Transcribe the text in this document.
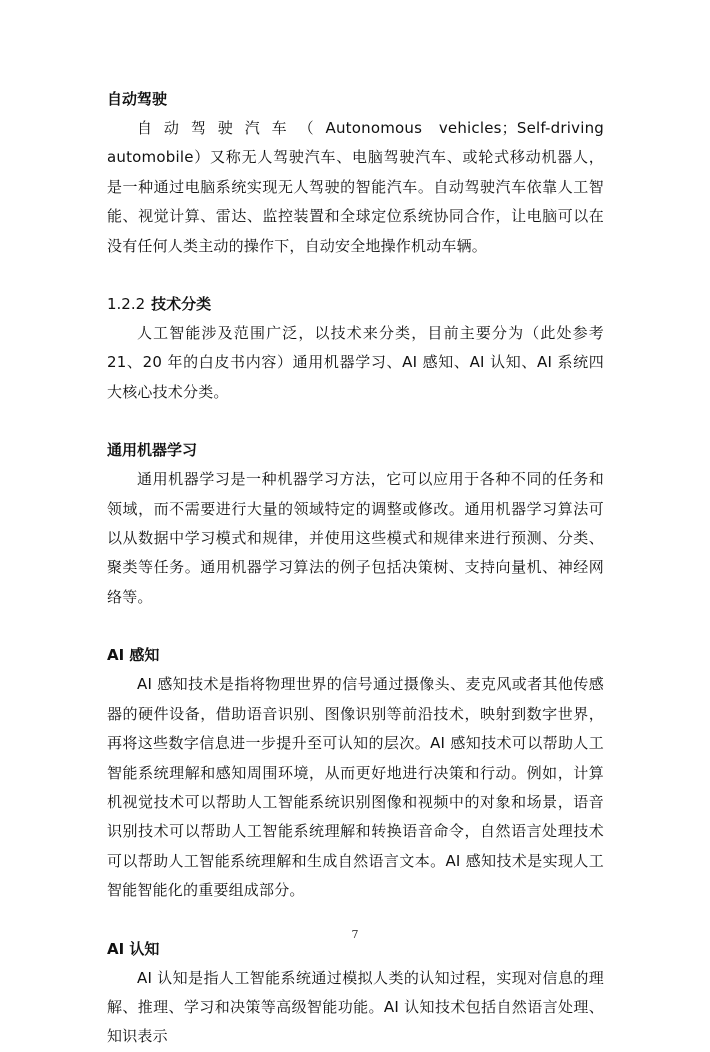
自动驾驶

自动驾驶汽车（Autonomous vehicles；Self-driving automobile）又称无人驾驶汽车、电脑驾驶汽车、或轮式移动机器人，是一种通过电脑系统实现无人驾驶的智能汽车。自动驾驶汽车依靠人工智能、视觉计算、雷达、监控装置和全球定位系统协同合作，让电脑可以在没有任何人类主动的操作下，自动安全地操作机动车辆。

1.2.2 技术分类

人工智能涉及范围广泛，以技术来分类，目前主要分为（此处参考 21、20 年的白皮书内容）通用机器学习、AI 感知、AI 认知、AI 系统四大核心技术分类。

通用机器学习

通用机器学习是一种机器学习方法，它可以应用于各种不同的任务和领域，而不需要进行大量的领域特定的调整或修改。通用机器学习算法可以从数据中学习模式和规律，并使用这些模式和规律来进行预测、分类、聚类等任务。通用机器学习算法的例子包括决策树、支持向量机、神经网络等。

AI 感知

AI 感知技术是指将物理世界的信号通过摄像头、麦克风或者其他传感器的硬件设备，借助语音识别、图像识别等前沿技术，映射到数字世界，再将这些数字信息进一步提升至可认知的层次。AI 感知技术可以帮助人工智能系统理解和感知周围环境，从而更好地进行决策和行动。例如，计算机视觉技术可以帮助人工智能系统识别图像和视频中的对象和场景，语音识别技术可以帮助人工智能系统理解和转换语音命令，自然语言处理技术可以帮助人工智能系统理解和生成自然语言文本。AI 感知技术是实现人工智能智能化的重要组成部分。

AI 认知

AI 认知是指人工智能系统通过模拟人类的认知过程，实现对信息的理解、推理、学习和决策等高级智能功能。AI 认知技术包括自然语言处理、知识表示

7
